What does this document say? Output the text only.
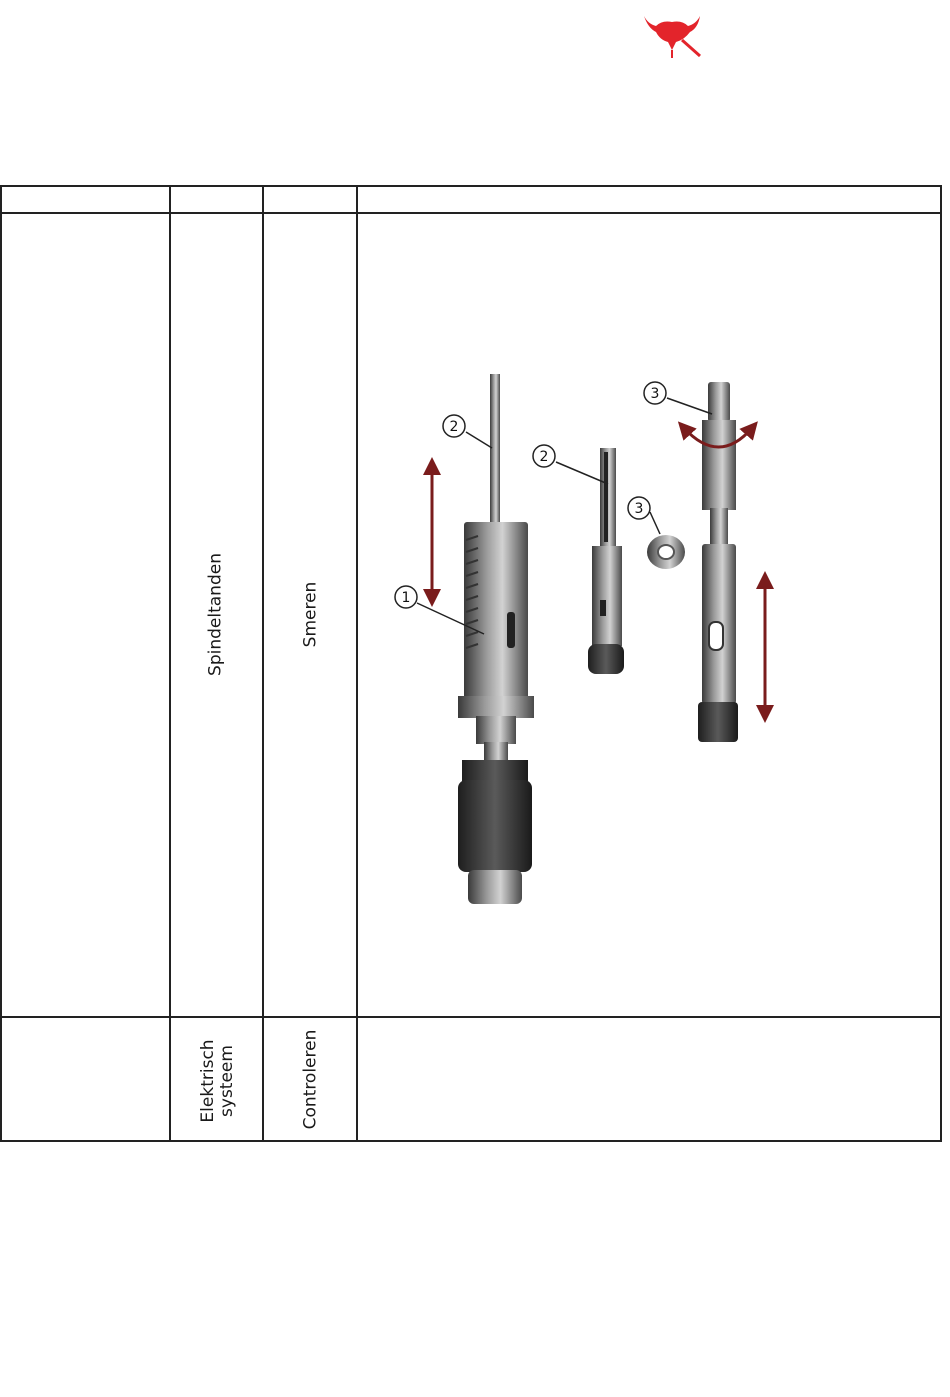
Spindeltanden	Smeren
Elektrisch systeem	Controleren
2
2
1
3
3
